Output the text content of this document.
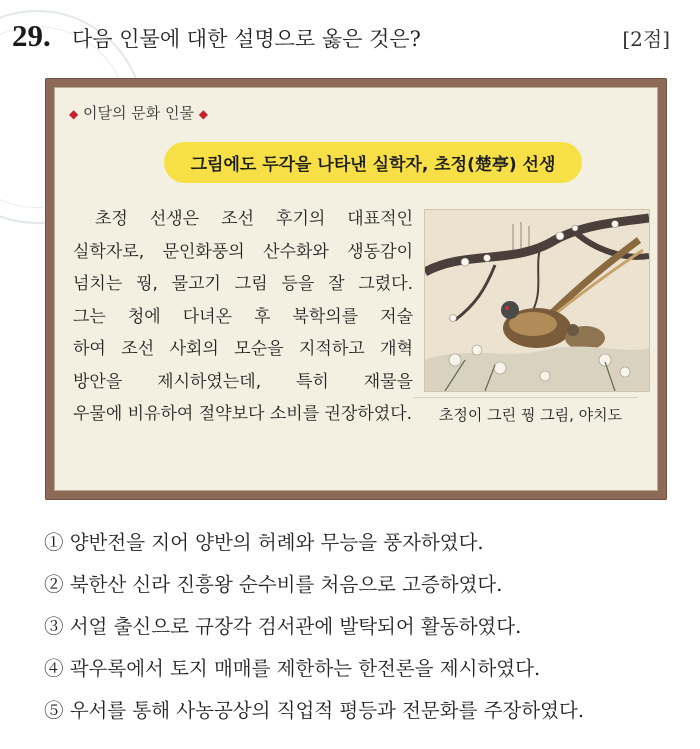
29. 다음 인물에 대한 설명으로 옳은 것은?	[2점]
◆ 이달의 문화 인물 ◆
그림에도 두각을 나타낸 실학자, 초정(楚亭) 선생
초정 선생은 조선 후기의 대표적인
실학자로, 문인화풍의 산수화와 생동감이
넘치는 꿩, 물고기 그림 등을 잘 그렸다.
그는 청에 다녀온 후 북학의를 저술
하여 조선 사회의 모순을 지적하고 개혁
방안을 제시하였는데, 특히 재물을
우물에 비유하여 절약보다 소비를 권장하였다.	초정이 그린 꿩 그림, 야치도
① 양반전을 지어 양반의 허례와 무능을 풍자하였다.
② 북한산 신라 진흥왕 순수비를 처음으로 고증하였다.
③ 서얼 출신으로 규장각 검서관에 발탁되어 활동하였다.
④ 곽우록에서 토지 매매를 제한하는 한전론을 제시하였다.
⑤ 우서를 통해 사농공상의 직업적 평등과 전문화를 주장하였다.
